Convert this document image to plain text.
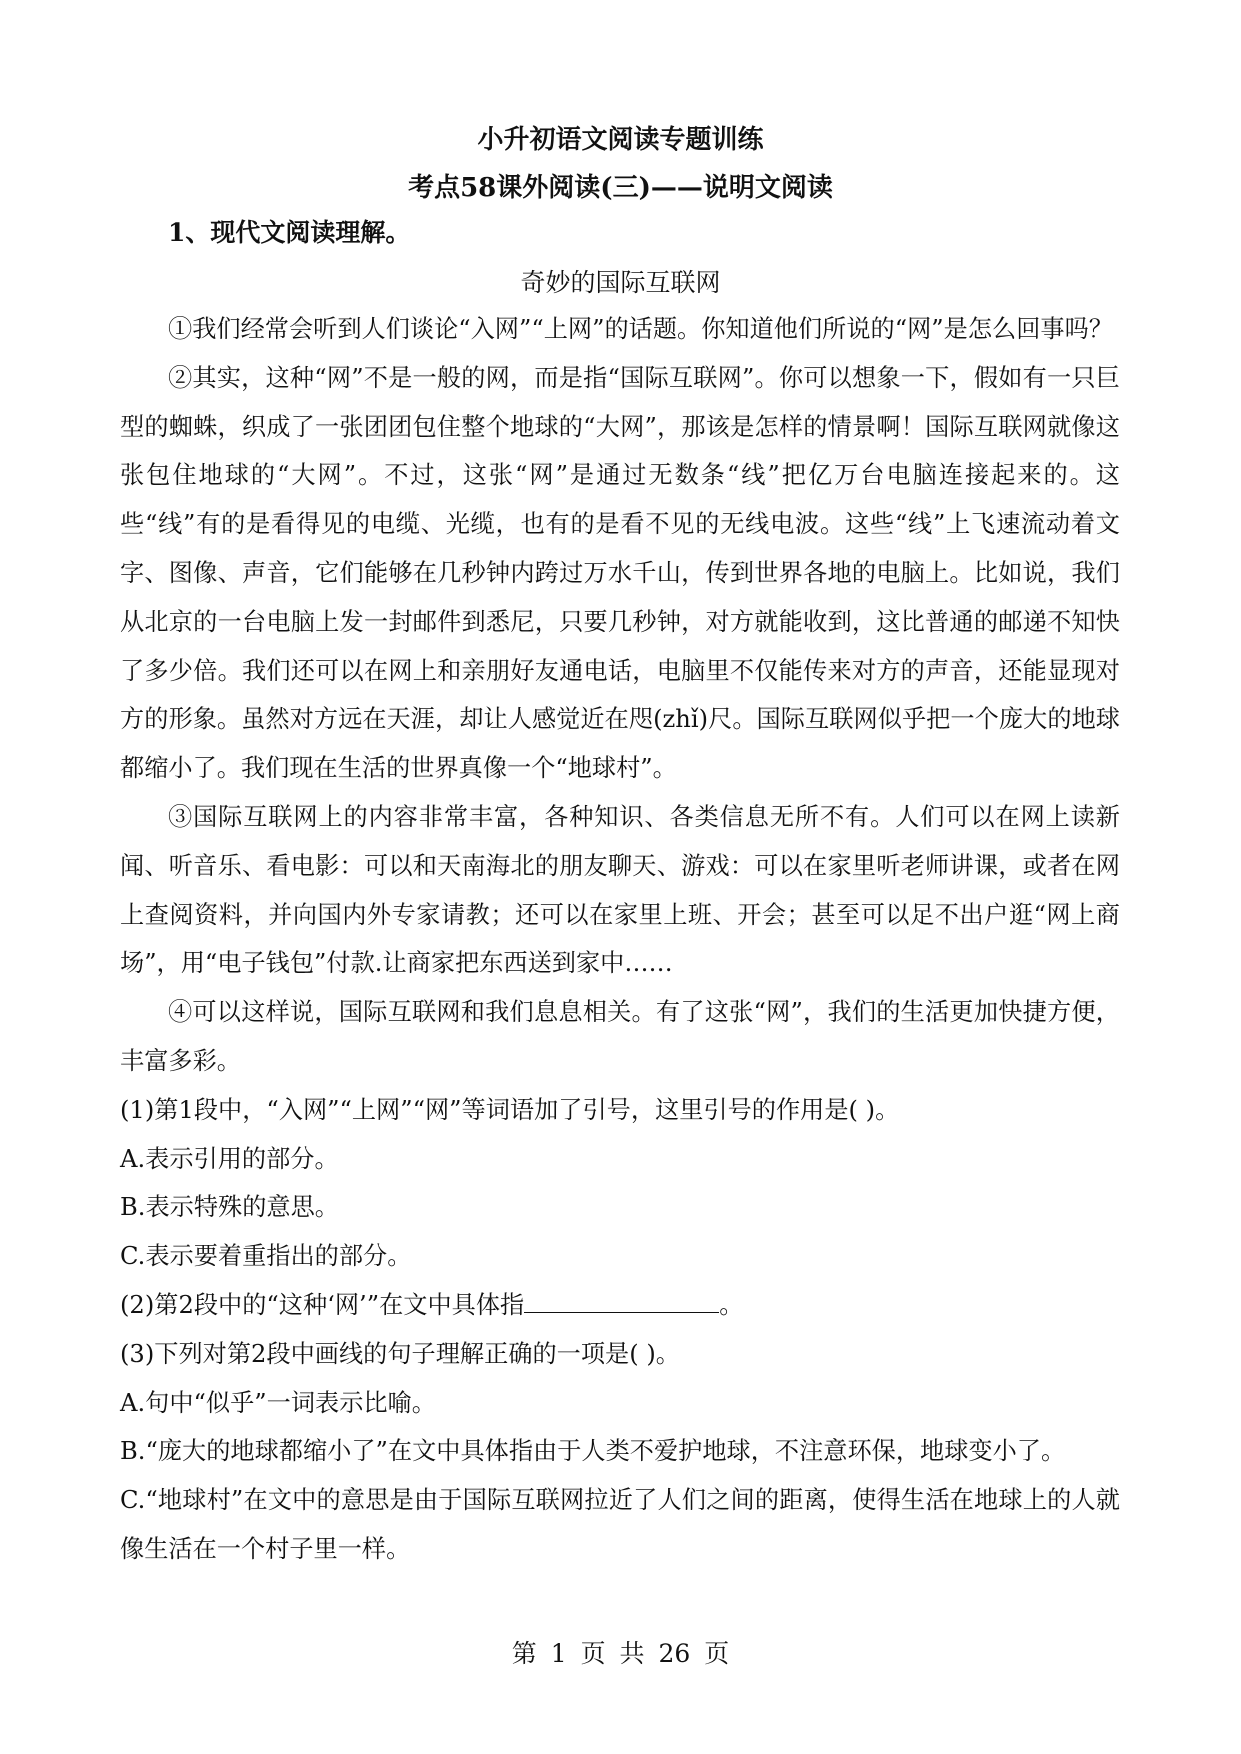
小升初语文阅读专题训练
考点58课外阅读(三)——说明文阅读
1、现代文阅读理解。
奇妙的国际互联网

①我们经常会听到人们谈论“入网”“上网”的话题。你知道他们所说的“网”是怎么回事吗？

②其实，这种“网”不是一般的网，而是指“国际互联网”。你可以想象一下，假如有一只巨型的蜘蛛，织成了一张团团包住整个地球的“大网”，那该是怎样的情景啊！国际互联网就像这张包住地球的“大网”。不过，这张“网”是通过无数条“线”把亿万台电脑连接起来的。这些“线”有的是看得见的电缆、光缆，也有的是看不见的无线电波。这些“线”上飞速流动着文字、图像、声音，它们能够在几秒钟内跨过万水千山，传到世界各地的电脑上。比如说，我们从北京的一台电脑上发一封邮件到悉尼，只要几秒钟，对方就能收到，这比普通的邮递不知快了多少倍。我们还可以在网上和亲朋好友通电话，电脑里不仅能传来对方的声音，还能显现对方的形象。虽然对方远在天涯，却让人感觉近在咫(zhǐ)尺。国际互联网似乎把一个庞大的地球都缩小了。我们现在生活的世界真像一个“地球村”。

③国际互联网上的内容非常丰富，各种知识、各类信息无所不有。人们可以在网上读新闻、听音乐、看电影：可以和天南海北的朋友聊天、游戏：可以在家里听老师讲课，或者在网上查阅资料，并向国内外专家请教；还可以在家里上班、开会；甚至可以足不出户逛“网上商场”，用“电子钱包”付款.让商家把东西送到家中……

④可以这样说，国际互联网和我们息息相关。有了这张“网”，我们的生活更加快捷方便，丰富多彩。

(1)第1段中，“入网”“上网”“网”等词语加了引号，这里引号的作用是( )。

A.表示引用的部分。

B.表示特殊的意思。

C.表示要着重指出的部分。

(2)第2段中的“这种‘网’”在文中具体指	。

(3)下列对第2段中画线的句子理解正确的一项是( )。

A.句中“似乎”一词表示比喻。

B.“庞大的地球都缩小了”在文中具体指由于人类不爱护地球，不注意环保，地球变小了。

C.“地球村”在文中的意思是由于国际互联网拉近了人们之间的距离，使得生活在地球上的人就像生活在一个村子里一样。

第 1 页 共 26 页
